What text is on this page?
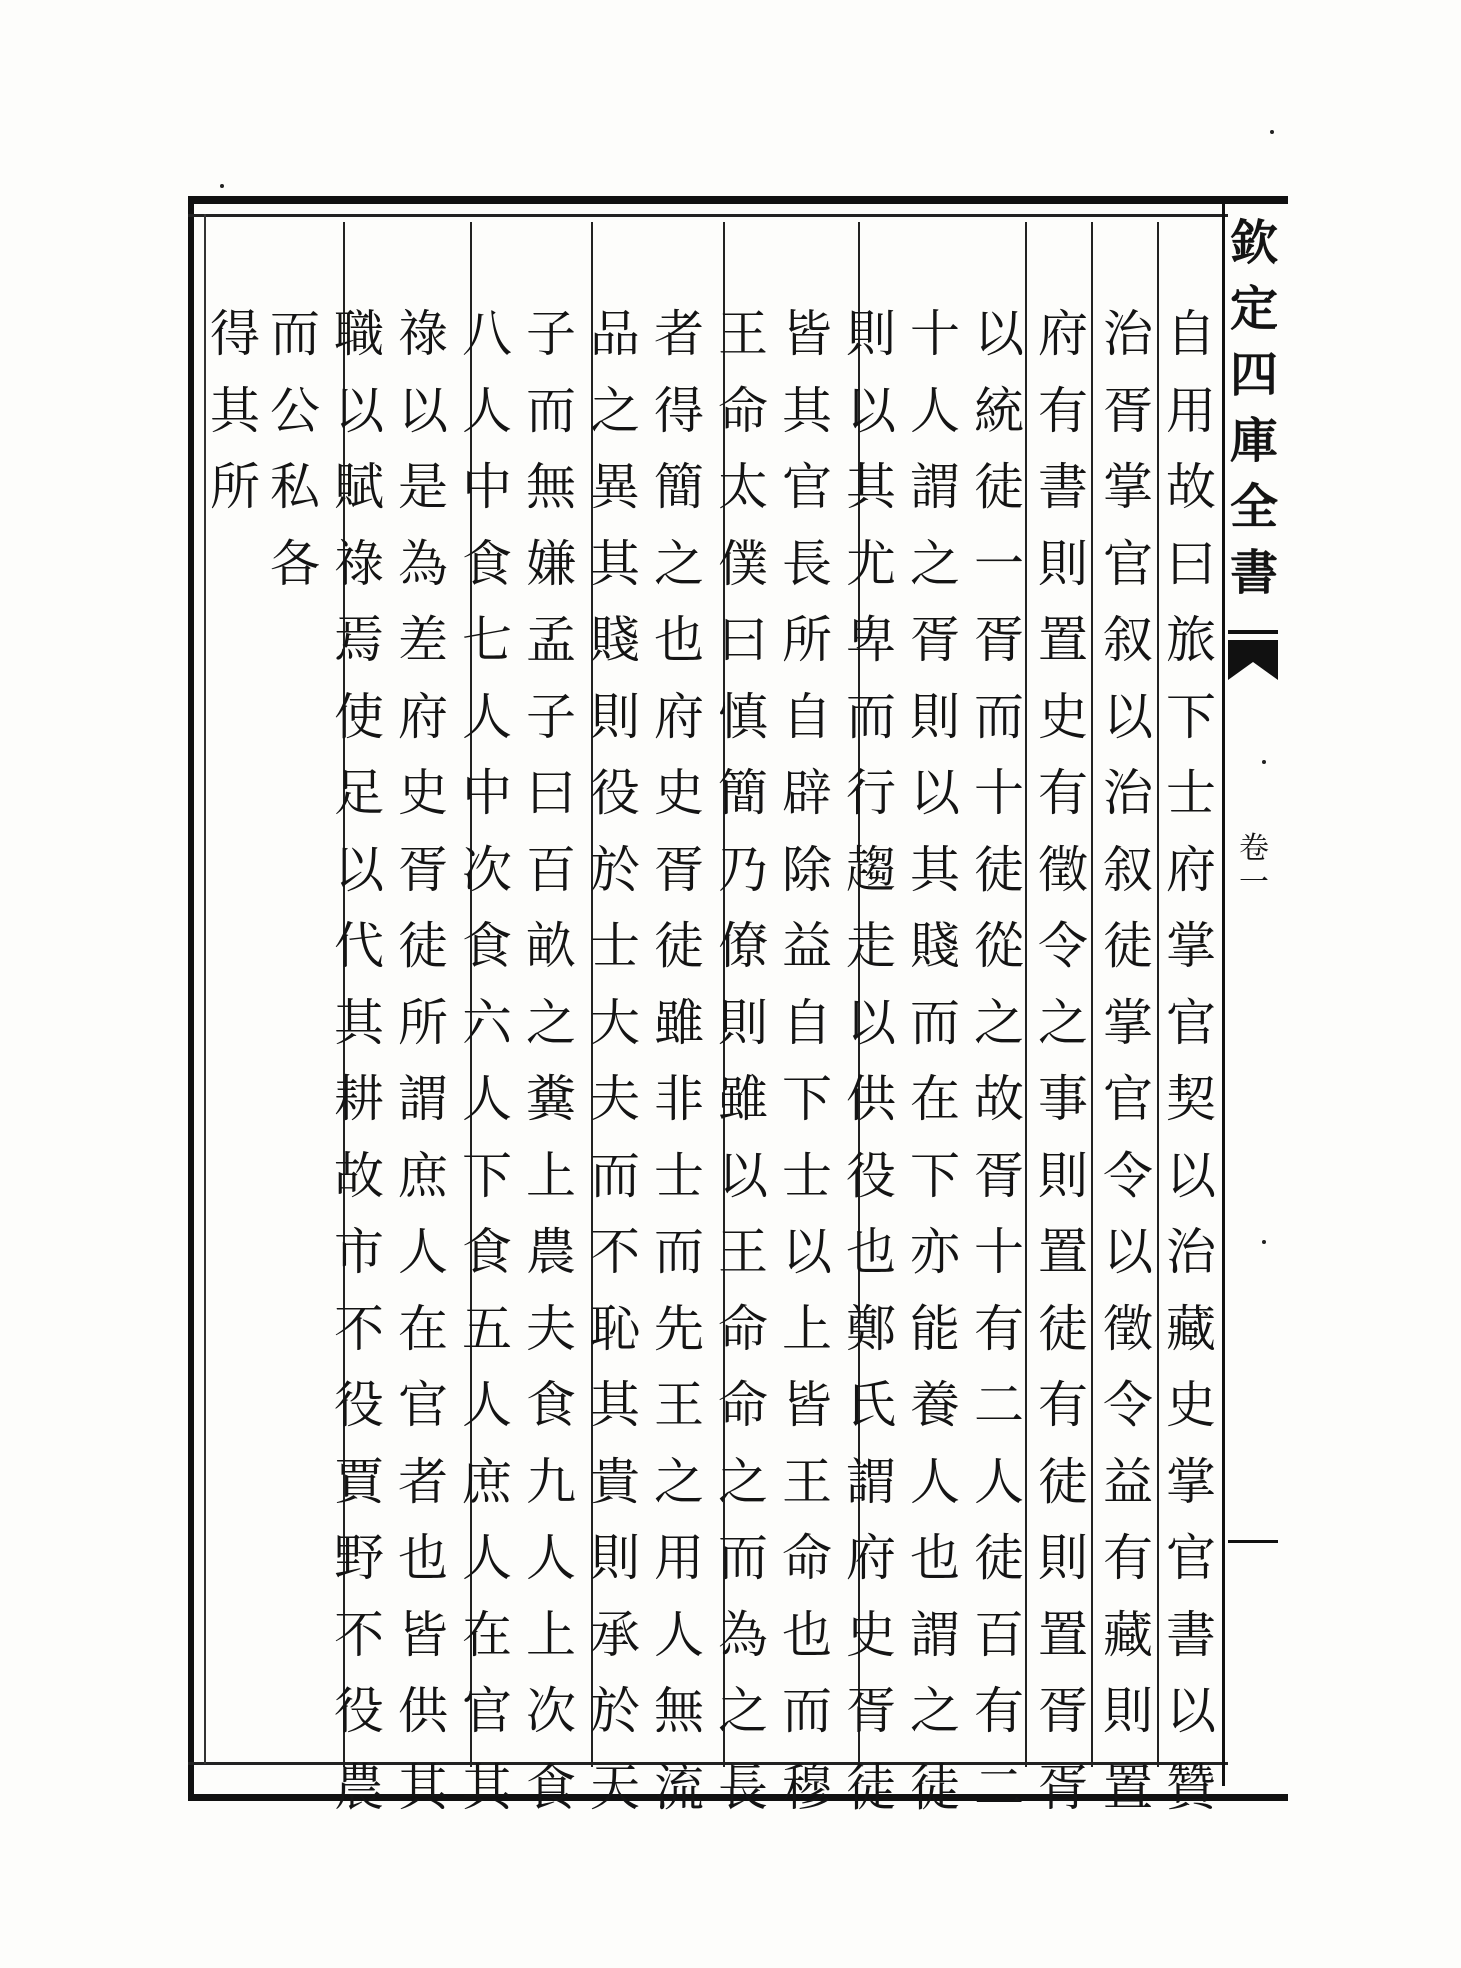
欽定四庫全書
卷一
自用故曰旅下士府掌官契以治藏史掌官書以贊
治胥掌官叙以治叙徒掌官令以徵令益有藏則置
府有書則置史有徵令之事則置徒有徒則置胥胥
以統徒一胥而十徒從之故胥十有二人徒百有二
十人謂之胥則以其賤而在下亦能養人也謂之徒
則以其尤卑而行趨走以供役也鄭氏謂府史胥徒
皆其官長所自辟除益自下士以上皆王命也而穆
王命太僕曰慎簡乃僚則雖以王命命之而為之長
者得簡之也府史胥徒雖非士而先王之用人無流
品之異其賤則役於士大夫而不恥其貴則承於天
子而無嫌孟子曰百畝之糞上農夫食九人上次食
八人中食七人中次食六人下食五人庶人在官其
祿以是為差府史胥徒所謂庶人在官者也皆供其
職以賦祿焉使足以代其耕故市不役賈野不役農
而公私各
得其所
